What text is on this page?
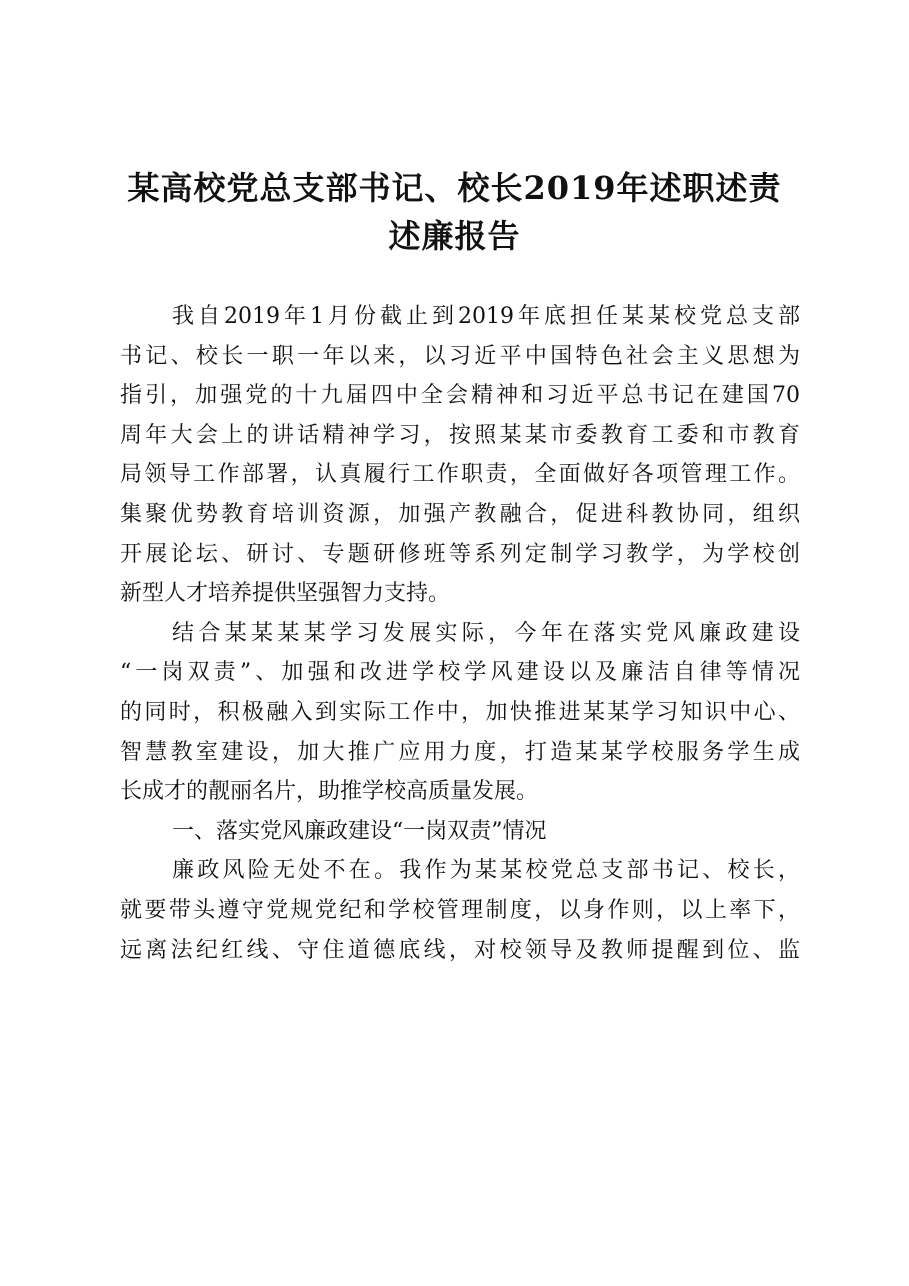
某高校党总支部书记、校长2019年述职述责
述廉报告
我自2019年1月份截止到2019年底担任某某校党总支部
书记、校长一职一年以来，以习近平中国特色社会主义思想为
指引，加强党的十九届四中全会精神和习近平总书记在建国70
周年大会上的讲话精神学习，按照某某市委教育工委和市教育
局领导工作部署，认真履行工作职责，全面做好各项管理工作。
集聚优势教育培训资源，加强产教融合，促进科教协同，组织
开展论坛、研讨、专题研修班等系列定制学习教学，为学校创
新型人才培养提供坚强智力支持。
结合某某某某学习发展实际，今年在落实党风廉政建设
“一岗双责”、加强和改进学校学风建设以及廉洁自律等情况
的同时，积极融入到实际工作中，加快推进某某学习知识中心、
智慧教室建设，加大推广应用力度，打造某某学校服务学生成
长成才的靓丽名片，助推学校高质量发展。
一、落实党风廉政建设“一岗双责”情况
廉政风险无处不在。我作为某某校党总支部书记、校长，
就要带头遵守党规党纪和学校管理制度，以身作则，以上率下，
远离法纪红线、守住道德底线，对校领导及教师提醒到位、监
